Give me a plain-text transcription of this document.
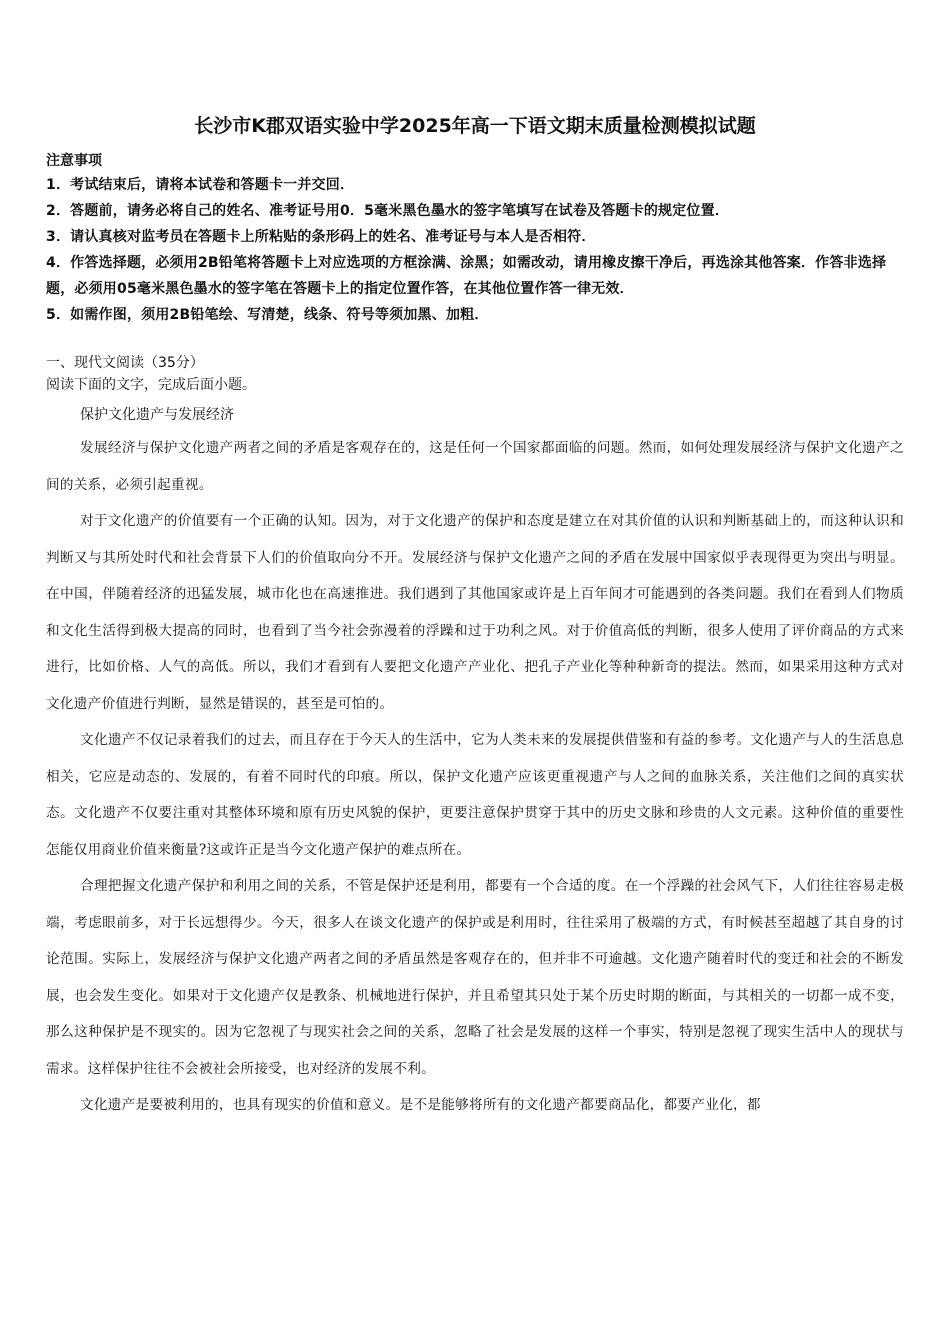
长沙市K郡双语实验中学2025年高一下语文期末质量检测模拟试题

注意事项

1．考试结束后，请将本试卷和答题卡一并交回．
2．答题前，请务必将自己的姓名、准考证号用0．5毫米黑色墨水的签字笔填写在试卷及答题卡的规定位置．
3．请认真核对监考员在答题卡上所粘贴的条形码上的姓名、准考证号与本人是否相符．
4．作答选择题，必须用2B铅笔将答题卡上对应选项的方框涂满、涂黑；如需改动，请用橡皮擦干净后，再选涂其他答案．作答非选择题，必须用05毫米黑色墨水的签字笔在答题卡上的指定位置作答，在其他位置作答一律无效．
5．如需作图，须用2B铅笔绘、写清楚，线条、符号等须加黑、加粗．

一、现代文阅读（35分）

阅读下面的文字，完成后面小题。

保护文化遗产与发展经济

发展经济与保护文化遗产两者之间的矛盾是客观存在的，这是任何一个国家都面临的问题。然而，如何处理发展经济与保护文化遗产之间的关系，必须引起重视。

对于文化遗产的价值要有一个正确的认知。因为，对于文化遗产的保护和态度是建立在对其价值的认识和判断基础上的，而这种认识和判断又与其所处时代和社会背景下人们的价值取向分不开。发展经济与保护文化遗产之间的矛盾在发展中国家似乎表现得更为突出与明显。在中国，伴随着经济的迅猛发展，城市化也在高速推进。我们遇到了其他国家或许是上百年间才可能遇到的各类问题。我们在看到人们物质和文化生活得到极大提高的同时，也看到了当今社会弥漫着的浮躁和过于功利之风。对于价值高低的判断，很多人使用了评价商品的方式来进行，比如价格、人气的高低。所以，我们才看到有人要把文化遗产产业化、把孔子产业化等种种新奇的提法。然而，如果采用这种方式对文化遗产价值进行判断，显然是错误的，甚至是可怕的。

文化遗产不仅记录着我们的过去，而且存在于今天人的生活中，它为人类未来的发展提供借鉴和有益的参考。文化遗产与人的生活息息相关，它应是动态的、发展的，有着不同时代的印痕。所以，保护文化遗产应该更重视遗产与人之间的血脉关系，关注他们之间的真实状态。文化遗产不仅要注重对其整体环境和原有历史风貌的保护，更要注意保护贯穿于其中的历史文脉和珍贵的人文元素。这种价值的重要性怎能仅用商业价值来衡量?这或许正是当今文化遗产保护的难点所在。

合理把握文化遗产保护和利用之间的关系，不管是保护还是利用，都要有一个合适的度。在一个浮躁的社会风气下，人们往往容易走极端，考虑眼前多，对于长远想得少。今天，很多人在谈文化遗产的保护或是利用时，往往采用了极端的方式，有时候甚至超越了其自身的讨论范围。实际上，发展经济与保护文化遗产两者之间的矛盾虽然是客观存在的，但并非不可逾越。文化遗产随着时代的变迁和社会的不断发展，也会发生变化。如果对于文化遗产仅是教条、机械地进行保护，并且希望其只处于某个历史时期的断面，与其相关的一切都一成不变，那么这种保护是不现实的。因为它忽视了与现实社会之间的关系，忽略了社会是发展的这样一个事实，特别是忽视了现实生活中人的现状与需求。这样保护往往不会被社会所接受，也对经济的发展不利。

文化遗产是要被利用的，也具有现实的价值和意义。是不是能够将所有的文化遗产都要商品化，都要产业化，都
